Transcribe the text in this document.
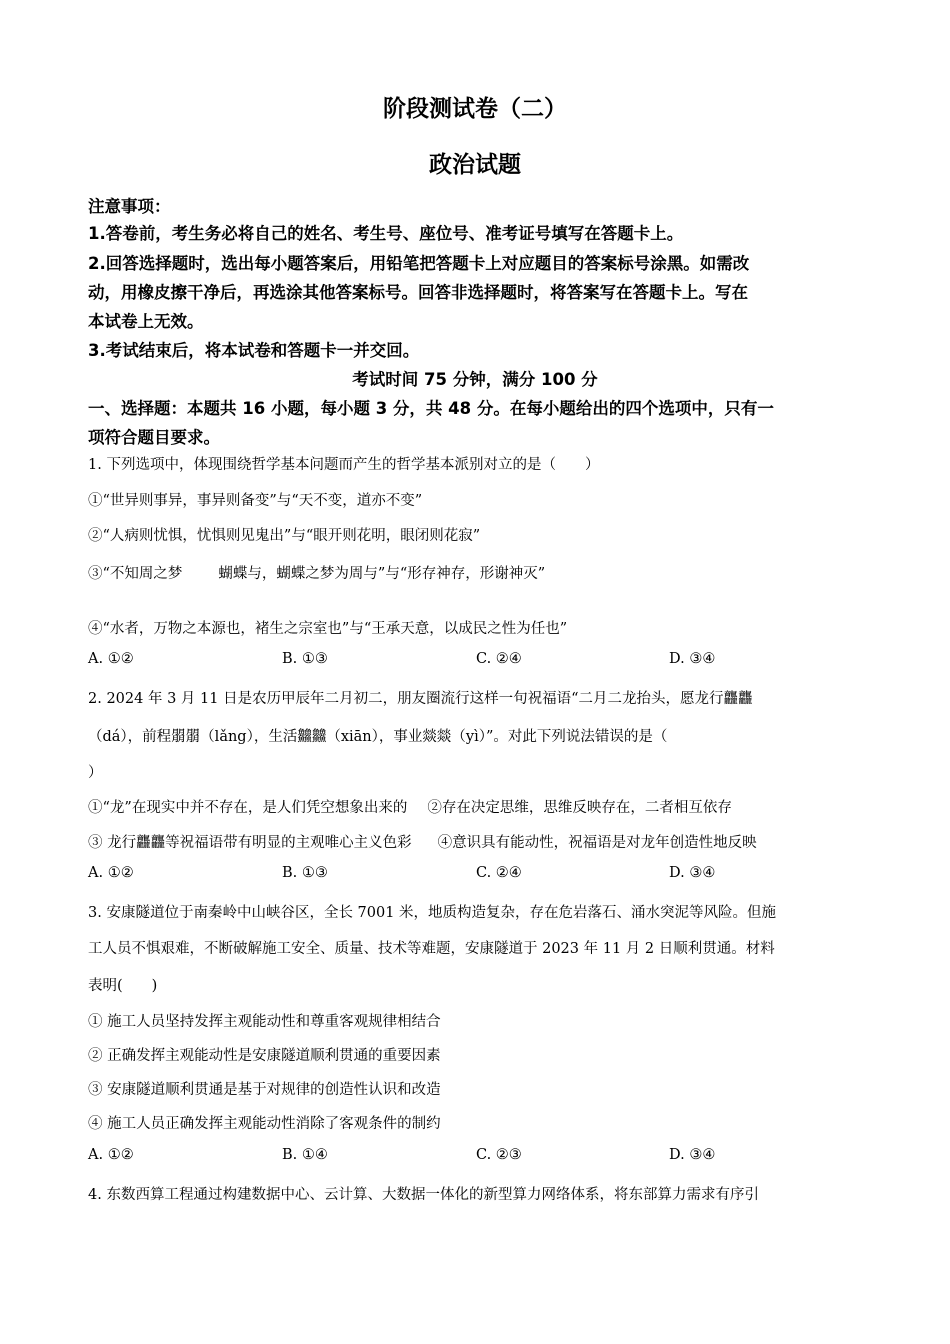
阶段测试卷（二）
政治试题
注意事项：
1.答卷前，考生务必将自己的姓名、考生号、座位号、准考证号填写在答题卡上。
2.回答选择题时，选出每小题答案后，用铅笔把答题卡上对应题目的答案标号涂黑。如需改
动，用橡皮擦干净后，再选涂其他答案标号。回答非选择题时，将答案写在答题卡上。写在
本试卷上无效。
3.考试结束后，将本试卷和答题卡一并交回。
考试时间 75 分钟，满分 100 分
一、选择题：本题共 16 小题，每小题 3 分，共 48 分。在每小题给出的四个选项中，只有一
项符合题目要求。
1. 下列选项中，体现围绕哲学基本问题而产生的哲学基本派别对立的是（　　）
①“世异则事异，事异则备变”与“天不变，道亦不变”
②“人病则忧惧，忧惧则见鬼出”与“眼开则花明，眼闭则花寂”
③“不知周之梦 蝴蝶与，蝴蝶之梦为周与”与“形存神存，形谢神灭”
④“水者，万物之本源也，褚生之宗室也”与“王承天意，以成民之性为任也”
A. ①②	B. ①③	C. ②④	D. ③④
2. 2024 年 3 月 11 日是农历甲辰年二月初二，朋友圈流行这样一句祝福语“二月二龙抬头，愿龙行龘龘
（dá），前程朤朤（lǎng），生活䲜䲜（xiān），事业燚燚（yì）”。对此下列说法错误的是（
）
①“龙”在现实中并不存在，是人们凭空想象出来的 ②存在决定思维，思维反映存在，二者相互依存
③ 龙行龘龘等祝福语带有明显的主观唯心主义色彩 ④意识具有能动性，祝福语是对龙年创造性地反映
A. ①②	B. ①③	C. ②④	D. ③④
3. 安康隧道位于南秦岭中山峡谷区，全长 7001 米，地质构造复杂，存在危岩落石、涌水突泥等风险。但施
工人员不惧艰难，不断破解施工安全、质量、技术等难题，安康隧道于 2023 年 11 月 2 日顺利贯通。材料
表明(　　)
① 施工人员坚持发挥主观能动性和尊重客观规律相结合
② 正确发挥主观能动性是安康隧道顺利贯通的重要因素
③ 安康隧道顺利贯通是基于对规律的创造性认识和改造
④ 施工人员正确发挥主观能动性消除了客观条件的制约
A. ①②	B. ①④	C. ②③	D. ③④
4. 东数西算工程通过构建数据中心、云计算、大数据一体化的新型算力网络体系，将东部算力需求有序引
